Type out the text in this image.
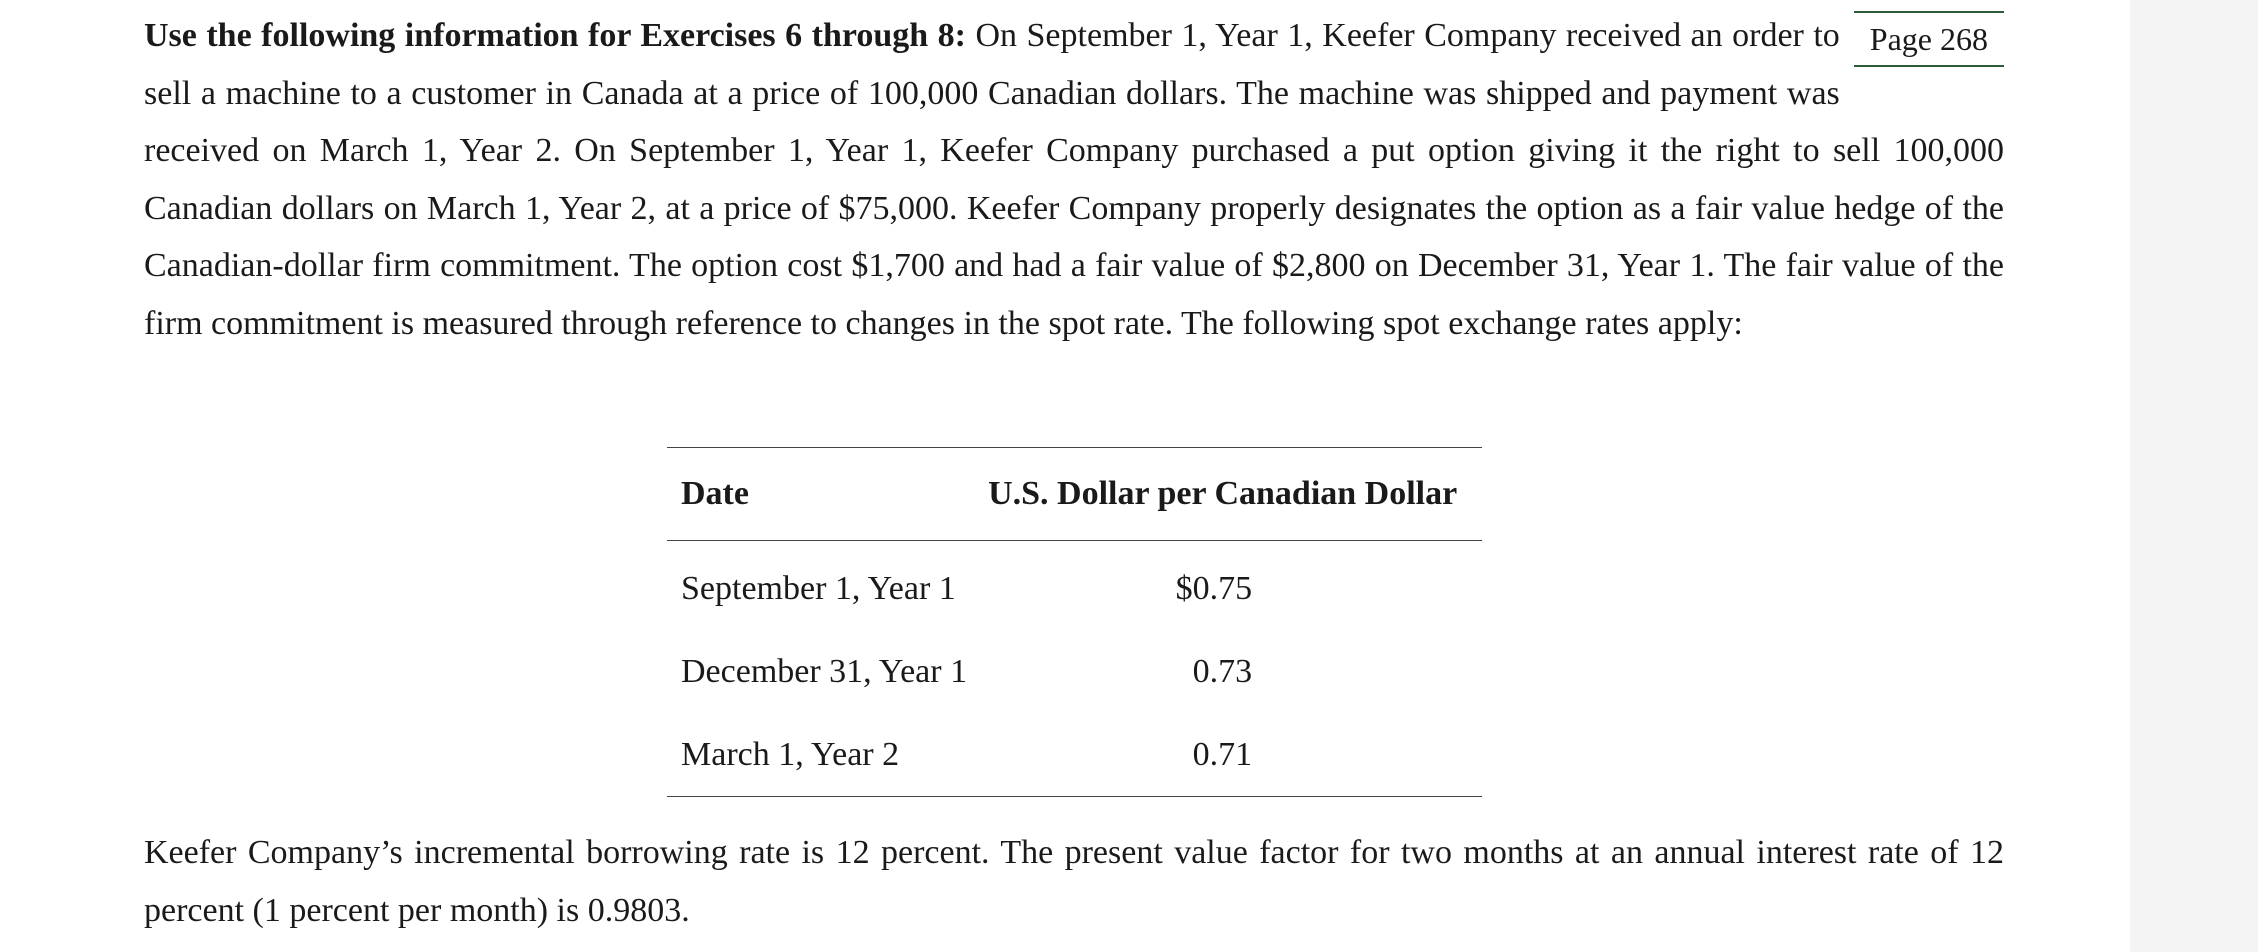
Page 268
Use the following information for Exercises 6 through 8: On September 1, Year 1, Keefer Company received an order to sell a machine to a customer in Canada at a price of 100,000 Canadian dollars. The machine was shipped and payment was received on March 1, Year 2. On September 1, Year 1, Keefer Company purchased a put option giving it the right to sell 100,000 Canadian dollars on March 1, Year 2, at a price of $75,000. Keefer Company properly designates the option as a fair value hedge of the Canadian-dollar firm commitment. The option cost $1,700 and had a fair value of $2,800 on December 31, Year 1. The fair value of the firm commitment is measured through reference to changes in the spot rate. The following spot exchange rates apply:

Date	U.S. Dollar per Canadian Dollar
September 1, Year 1	$0.75
December 31, Year 1	0.73
March 1, Year 2	0.71

Keefer Company’s incremental borrowing rate is 12 percent. The present value factor for two months at an annual interest rate of 12 percent (1 percent per month) is 0.9803.
